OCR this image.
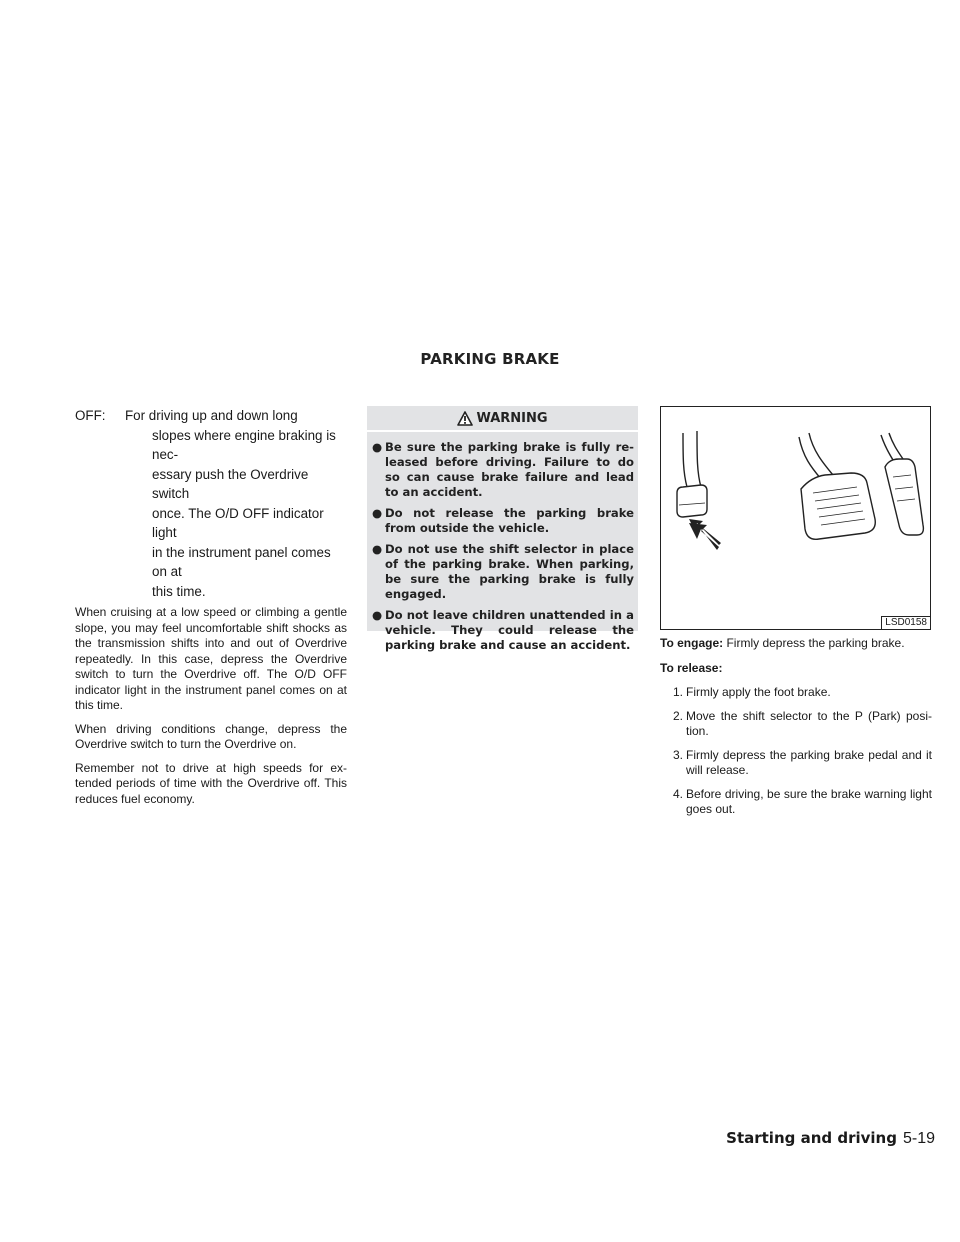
PARKING BRAKE
OFF:	For driving up and down long
slopes where engine braking is nec-
essary push the Overdrive switch
once. The O/D OFF indicator light
in the instrument panel comes on at
this time.

When cruising at a low speed or climbing a gentle slope, you may feel uncomfortable shift shocks as the transmission shifts into and out of Overdrive repeatedly. In this case, depress the Overdrive switch to turn the Overdrive off. The O/D OFF indicator light in the instrument panel comes on at this time.

When driving conditions change, depress the Overdrive switch to turn the Overdrive on.

Remember not to drive at high speeds for ex-tended periods of time with the Overdrive off. This reduces fuel economy.

WARNING
● Be sure the parking brake is fully re-leased before driving. Failure to do so can cause brake failure and lead to an accident.
● Do not release the parking brake from outside the vehicle.
● Do not use the shift selector in place of the parking brake. When parking, be sure the parking brake is fully engaged.
● Do not leave children unattended in a vehicle. They could release the parking brake and cause an accident.
LSD0158

To engage: Firmly depress the parking brake.

To release:

1. Firmly apply the foot brake.
2. Move the shift selector to the P (Park) posi-tion.
3. Firmly depress the parking brake pedal and it will release.
4. Before driving, be sure the brake warning light goes out.
Starting and driving 5-19
